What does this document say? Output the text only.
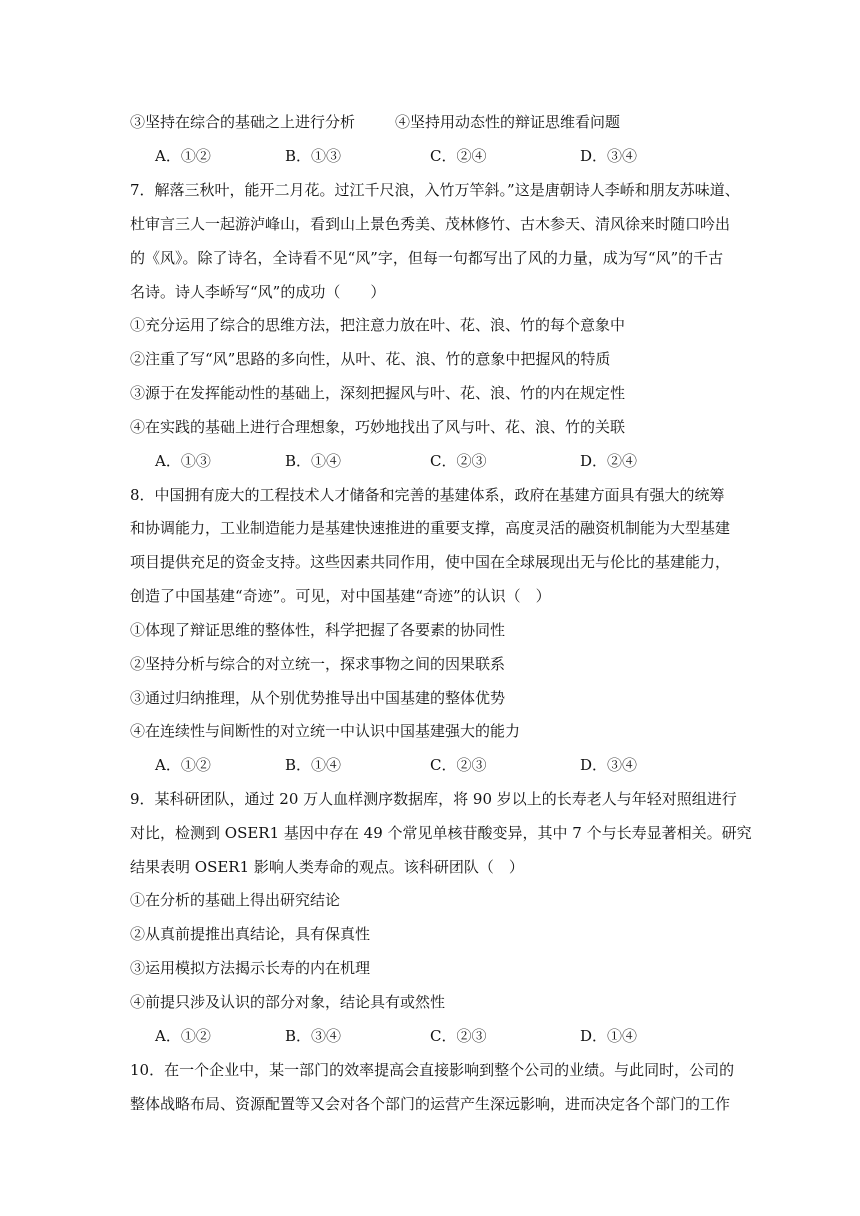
③坚持在综合的基础之上进行分析	④坚持用动态性的辩证思维看问题
A．①②	B．①③	C．②④	D．③④
7．解落三秋叶，能开二月花。过江千尺浪，入竹万竿斜。”这是唐朝诗人李峤和朋友苏味道、
杜审言三人一起游泸峰山，看到山上景色秀美、茂林修竹、古木参天、清风徐来时随口吟出
的《风》。除了诗名，全诗看不见“风”字，但每一句都写出了风的力量，成为写“风”的千古
名诗。诗人李峤写“风”的成功（　　）
①充分运用了综合的思维方法，把注意力放在叶、花、浪、竹的每个意象中
②注重了写“风”思路的多向性，从叶、花、浪、竹的意象中把握风的特质
③源于在发挥能动性的基础上，深刻把握风与叶、花、浪、竹的内在规定性
④在实践的基础上进行合理想象，巧妙地找出了风与叶、花、浪、竹的关联
A．①③	B．①④	C．②③	D．②④
8．中国拥有庞大的工程技术人才储备和完善的基建体系，政府在基建方面具有强大的统筹
和协调能力，工业制造能力是基建快速推进的重要支撑，高度灵活的融资机制能为大型基建
项目提供充足的资金支持。这些因素共同作用，使中国在全球展现出无与伦比的基建能力，
创造了中国基建“奇迹”。可见，对中国基建“奇迹”的认识（　）
①体现了辩证思维的整体性，科学把握了各要素的协同性
②坚持分析与综合的对立统一，探求事物之间的因果联系
③通过归纳推理，从个别优势推导出中国基建的整体优势
④在连续性与间断性的对立统一中认识中国基建强大的能力
A．①②	B．①④	C．②③	D．③④
9．某科研团队，通过 20 万人血样测序数据库，将 90 岁以上的长寿老人与年轻对照组进行
对比，检测到 OSER1 基因中存在 49 个常见单核苷酸变异，其中 7 个与长寿显著相关。研究
结果表明 OSER1 影响人类寿命的观点。该科研团队（　）
①在分析的基础上得出研究结论
②从真前提推出真结论，具有保真性
③运用模拟方法揭示长寿的内在机理
④前提只涉及认识的部分对象，结论具有或然性
A．①②	B．③④	C．②③	D．①④
10．在一个企业中，某一部门的效率提高会直接影响到整个公司的业绩。与此同时，公司的
整体战略布局、资源配置等又会对各个部门的运营产生深远影响，进而决定各个部门的工作
